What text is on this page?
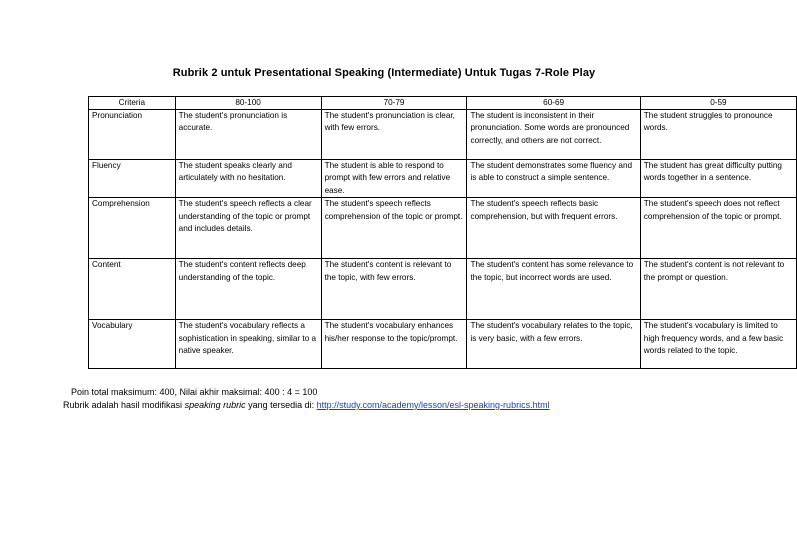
Rubrik 2 untuk Presentational Speaking (Intermediate) Untuk Tugas 7-Role Play
Criteria	80-100	70-79	60-69	0-59
Pronunciation	The student's pronunciation is accurate.	The student's pronunciation is clear, with few errors.	The student is inconsistent in their pronunciation. Some words are pronounced correctly, and others are not correct.	The student struggles to pronounce words.
Fluency	The student speaks clearly and articulately with no hesitation.	The student is able to respond to prompt with few errors and relative ease.	The student demonstrates some fluency and is able to construct a simple sentence.	The student has great difficulty putting words together in a sentence.
Comprehension	The student's speech reflects a clear understanding of the topic or prompt and includes details.	The student's speech reflects comprehension of the topic or prompt.	The student's speech reflects basic comprehension, but with frequent errors.	The student's speech does not reflect comprehension of the topic or prompt.
Content	The student's content reflects deep understanding of the topic.	The student's content is relevant to the topic, with few errors.	The student's content has some relevance to the topic, but incorrect words are used.	The student's content is not relevant to the prompt or question.
Vocabulary	The student's vocabulary reflects a sophistication in speaking, similar to a native speaker.	The student's vocabulary enhances his/her response to the topic/prompt.	The student's vocabulary relates to the topic, is very basic, with a few errors.	The student's vocabulary is limited to high frequency words, and a few basic words related to the topic.
Poin total maksimum: 400, Nilai akhir maksimal: 400 : 4 = 100
Rubrik adalah hasil modifikasi speaking rubric yang tersedia di: http://study.com/academy/lesson/esl-speaking-rubrics.html
